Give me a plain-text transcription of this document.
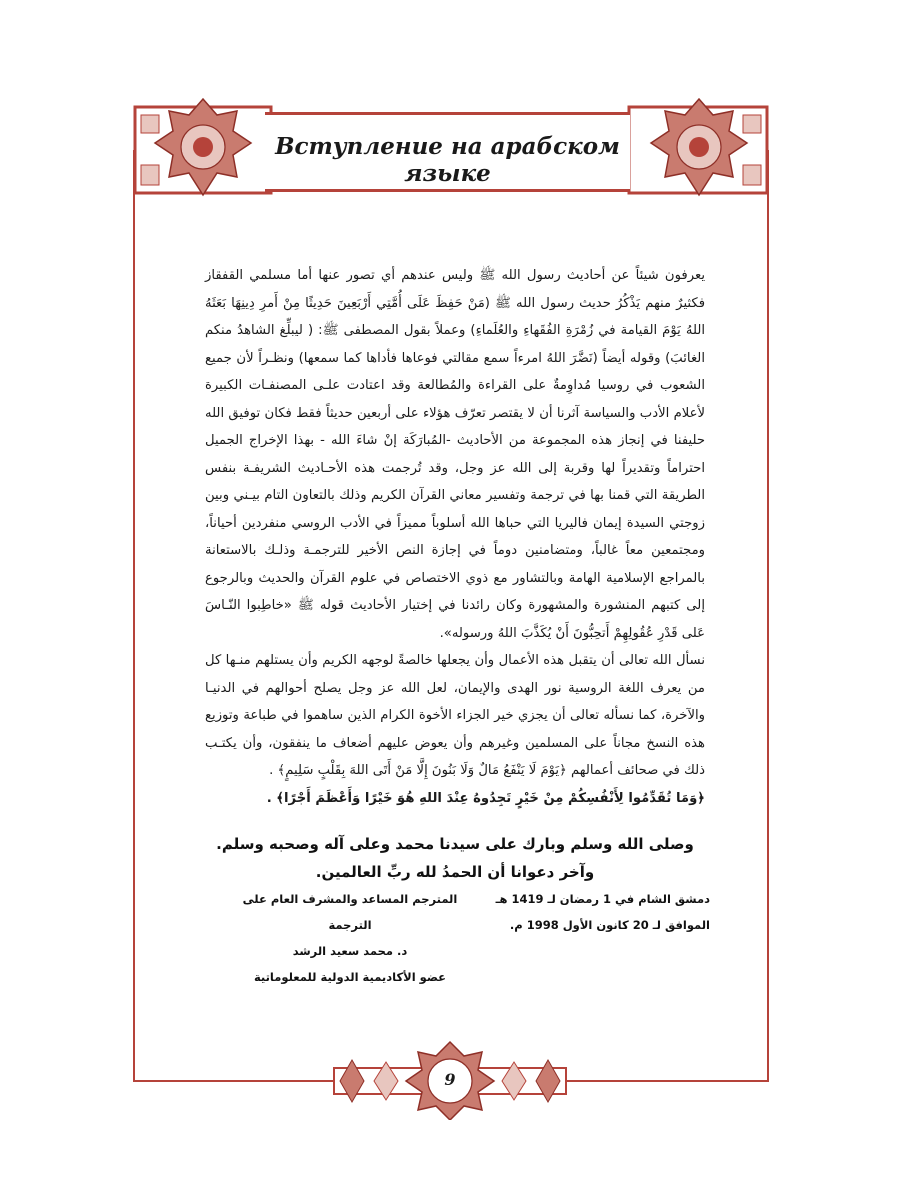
Вступление на арабском языке

يعرفون شيئاً عن أحاديث رسول الله ﷺ وليس عندهم أي تصور عنها أما مسلمي القفقاز فكثيرٌ منهم يَذْكُرُ حديث رسول الله ﷺ (مَنْ حَفِظَ عَلَى أُمَّتِي أَرْبَعِينَ حَدِيثًا مِنْ أَمرِ دِينِهَا بَعَثَهُ اللهُ يَوْمَ القيامة في زُمْرَةِ الفُقَهاءِ والعُلَماءِ) وعملاً بقول المصطفى ﷺ: ( ليبلِّغ الشاهدُ منكم الغائبَ) وقوله أيضاً (نَضَّرَ اللهُ امرءاً سمع مقالتي فوعاها فأداها كما سمعها) ونظـراً لأن جميع الشعوب في روسيا مُداوِمةٌ على القراءة والمُطالعة وقد اعتادت علـى المصنفـات الكبيرة لأعلام الأدب والسياسة آثرنا أن لا يقتصر تعرّف هؤلاء على أربعين حديثاً فقط فكان توفيق الله حليفنا في إنجاز هذه المجموعة من الأحاديث -المُبارَكَة إنْ شاءَ الله - بهذا الإخراج الجميل احتراماً وتقديراً لها وقربة إلى الله عز وجل، وقد تُرجمت هذه الأحـاديث الشريفـة بنفس الطريقة التي قمنا بها في ترجمة وتفسير معاني القرآن الكريم وذلك بالتعاون التام بيـني وبين زوجتي السيدة إيمان فاليريا التي حباها الله أسلوباً مميزاً في الأدب الروسي منفردين أحياناً، ومجتمعين معاً غالباً، ومتضامنين دوماً في إجازة النص الأخير للترجمـة وذلـك بالاستعانة بالمراجع الإسلامية الهامة وبالتشاور مع ذوي الاختصاص في علوم القرآن والحديث وبالرجوع إلى كتبهم المنشورة والمشهورة وكان رائدنا في إختيار الأحاديث قوله ﷺ «خاطِبوا النّـاسَ عَلى قَدْرِ عُقُولِهِمْ أَتحِبُّونَ أَنْ يُكَذَّبَ اللهُ ورسوله».

نسأل الله تعالى أن يتقبل هذه الأعمال وأن يجعلها خالصةً لوجهه الكريم وأن يستلهم منـها كل من يعرف اللغة الروسية نور الهدى والإيمان، لعل الله عز وجل يصلح أحوالهم في الدنيـا والآخرة، كما نسأله تعالى أن يجزي خير الجزاء الأخوة الكرام الذين ساهموا في طباعة وتوزيع هذه النسخ مجاناً على المسلمين وغيرهم وأن يعوض عليهم أضعاف ما ينفقون، وأن يكتـب ذلك في صحائف أعمالهم ﴿يَوْمَ لَا يَنْفَعُ مَالٌ وَلَا بَنُونَ إِلَّا مَنْ أَتَى اللهَ بِقَلْبٍ سَلِيمٍ﴾ .

﴿وَمَا تُقَدِّمُوا لِأَنْفُسِكُمْ مِنْ خَيْرٍ تَجِدُوهُ عِنْدَ اللهِ هُوَ خَيْرًا وَأَعْظَمَ أَجْرًا﴾ .

وصلى الله وسلم وبارك على سيدنا محمد وعلى آله وصحبه وسلم.
وآخر دعوانا أن الحمدُ لله ربِّ العالمين.
المترجم المساعد والمشرف العام على الترجمة
د. محمد سعيد الرشد
عضو الأكاديمية الدولية للمعلوماتية
دمشق الشام في 1 رمضان لـ 1419 هـ
الموافق لـ 20 كانون الأول 1998 م.
9
